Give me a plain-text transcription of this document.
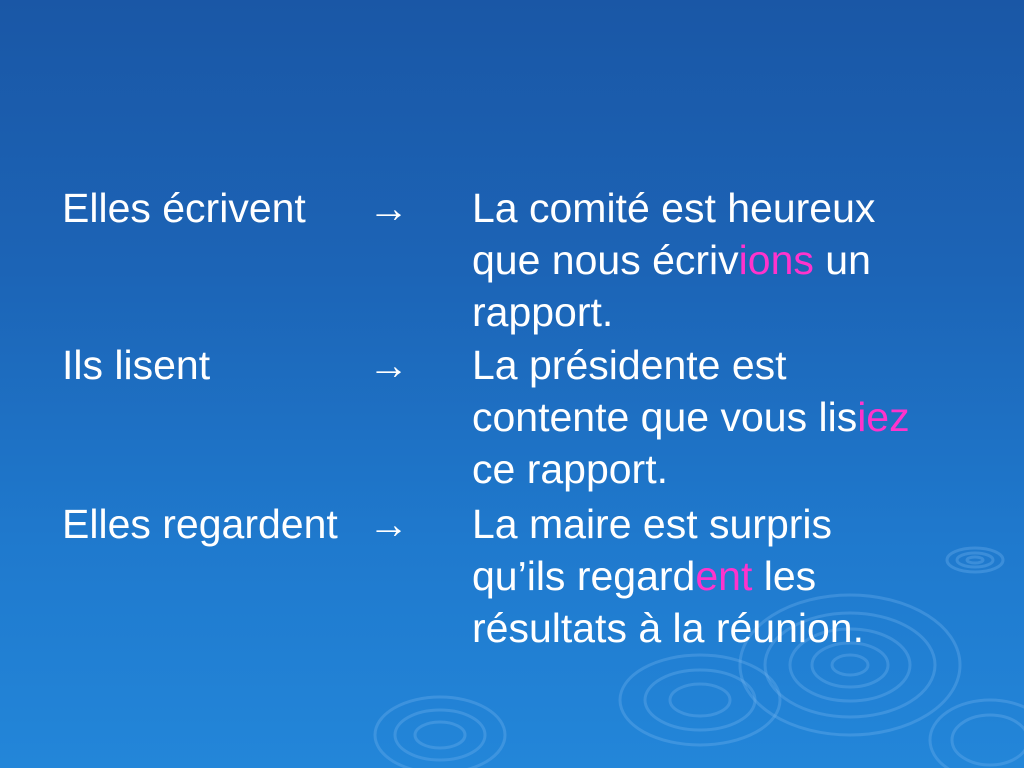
Elles écrivent → La comité est heureux
que nous écrivions un
rapport.
Ils lisent	→ La présidente est
contente que vous lisiez
ce rapport.
Elles regardent → La maire est surpris
qu’ils regardent les
résultats à la réunion.
